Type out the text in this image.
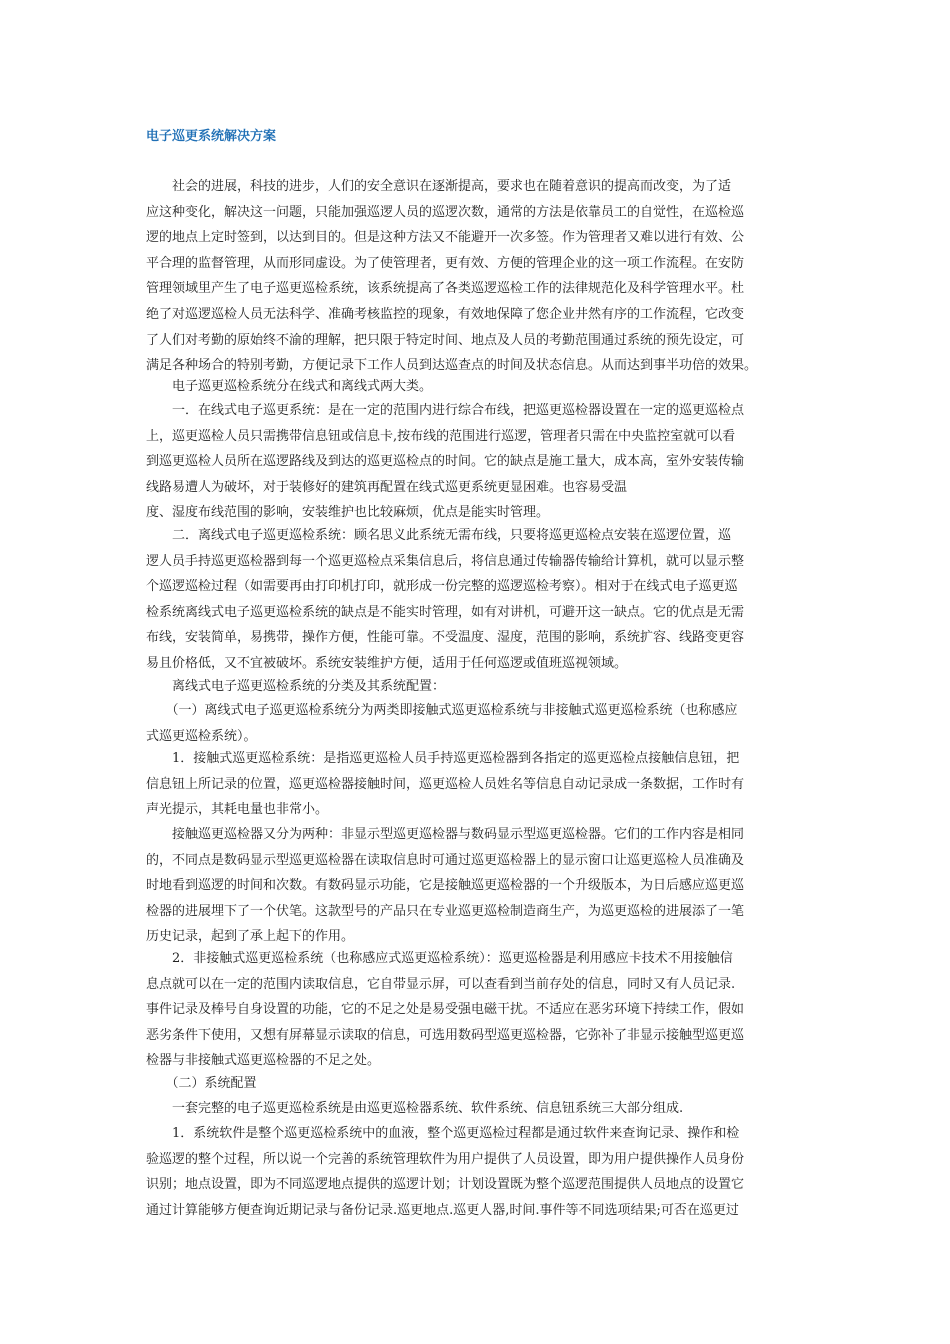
电子巡更系统解决方案
　　社会的进展，科技的进步，人们的安全意识在逐渐提高，要求也在随着意识的提高而改变，为了适
应这种变化，解决这一问题，只能加强巡逻人员的巡逻次数，通常的方法是依靠员工的自觉性，在巡检巡
逻的地点上定时签到，以达到目的。但是这种方法又不能避开一次多签。作为管理者又难以进行有效、公
平合理的监督管理，从而形同虚设。为了使管理者，更有效、方便的管理企业的这一项工作流程。在安防
管理领域里产生了电子巡更巡检系统，该系统提高了各类巡逻巡检工作的法律规范化及科学管理水平。杜
绝了对巡逻巡检人员无法科学、准确考核监控的现象，有效地保障了您企业井然有序的工作流程，它改变
了人们对考勤的原始终不渝的理解，把只限于特定时间、地点及人员的考勤范围通过系统的预先设定，可
满足各种场合的特别考勤，方便记录下工作人员到达巡查点的时间及状态信息。从而达到事半功倍的效果。
　　电子巡更巡检系统分在线式和离线式两大类。
　　一．在线式电子巡更系统：是在一定的范围内进行综合布线，把巡更巡检器设置在一定的巡更巡检点
上，巡更巡检人员只需携带信息钮或信息卡,按布线的范围进行巡逻，管理者只需在中央监控室就可以看
到巡更巡检人员所在巡逻路线及到达的巡更巡检点的时间。它的缺点是施工量大，成本高，室外安装传输
线路易遭人为破坏，对于装修好的建筑再配置在线式巡更系统更显困难。也容易受温
度、湿度布线范围的影响，安装维护也比较麻烦，优点是能实时管理。
　　二．离线式电子巡更巡检系统：顾名思义此系统无需布线，只要将巡更巡检点安装在巡逻位置，巡
逻人员手持巡更巡检器到每一个巡更巡检点采集信息后，将信息通过传输器传输给计算机，就可以显示整
个巡逻巡检过程（如需要再由打印机打印，就形成一份完整的巡逻巡检考察）。相对于在线式电子巡更巡
检系统离线式电子巡更巡检系统的缺点是不能实时管理，如有对讲机，可避开这一缺点。它的优点是无需
布线，安装简单，易携带，操作方便，性能可靠。不受温度、湿度，范围的影响，系统扩容、线路变更容
易且价格低，又不宜被破坏。系统安装维护方便，适用于任何巡逻或值班巡视领域。
　　离线式电子巡更巡检系统的分类及其系统配置：
　　（一）离线式电子巡更巡检系统分为两类即接触式巡更巡检系统与非接触式巡更巡检系统（也称感应
式巡更巡检系统）。
　　1．接触式巡更巡检系统：是指巡更巡检人员手持巡更巡检器到各指定的巡更巡检点接触信息钮，把
信息钮上所记录的位置，巡更巡检器接触时间，巡更巡检人员姓名等信息自动记录成一条数据，工作时有
声光提示，其耗电量也非常小。
　　接触巡更巡检器又分为两种：非显示型巡更巡检器与数码显示型巡更巡检器。它们的工作内容是相同
的，不同点是数码显示型巡更巡检器在读取信息时可通过巡更巡检器上的显示窗口让巡更巡检人员准确及
时地看到巡逻的时间和次数。有数码显示功能，它是接触巡更巡检器的一个升级版本，为日后感应巡更巡
检器的进展埋下了一个伏笔。这款型号的产品只在专业巡更巡检制造商生产，为巡更巡检的进展添了一笔
历史记录，起到了承上起下的作用。
　　2．非接触式巡更巡检系统（也称感应式巡更巡检系统）：巡更巡检器是利用感应卡技术不用接触信
息点就可以在一定的范围内读取信息，它自带显示屏，可以查看到当前存处的信息，同时又有人员记录.
事件记录及棒号自身设置的功能，它的不足之处是易受强电磁干扰。不适应在恶劣环境下持续工作，假如
恶劣条件下使用，又想有屏幕显示读取的信息，可选用数码型巡更巡检器，它弥补了非显示接触型巡更巡
检器与非接触式巡更巡检器的不足之处。
　　（二）系统配置
　　一套完整的电子巡更巡检系统是由巡更巡检器系统、软件系统、信息钮系统三大部分组成.
　　1．系统软件是整个巡更巡检系统中的血液，整个巡更巡检过程都是通过软件来查询记录、操作和检
验巡逻的整个过程，所以说一个完善的系统管理软件为用户提供了人员设置，即为用户提供操作人员身份
识别；地点设置，即为不同巡逻地点提供的巡逻计划；计划设置既为整个巡逻范围提供人员地点的设置它
通过计算能够方便查询近期记录与备份记录.巡更地点.巡更人器,时间.事件等不同选项结果;可否在巡更过
